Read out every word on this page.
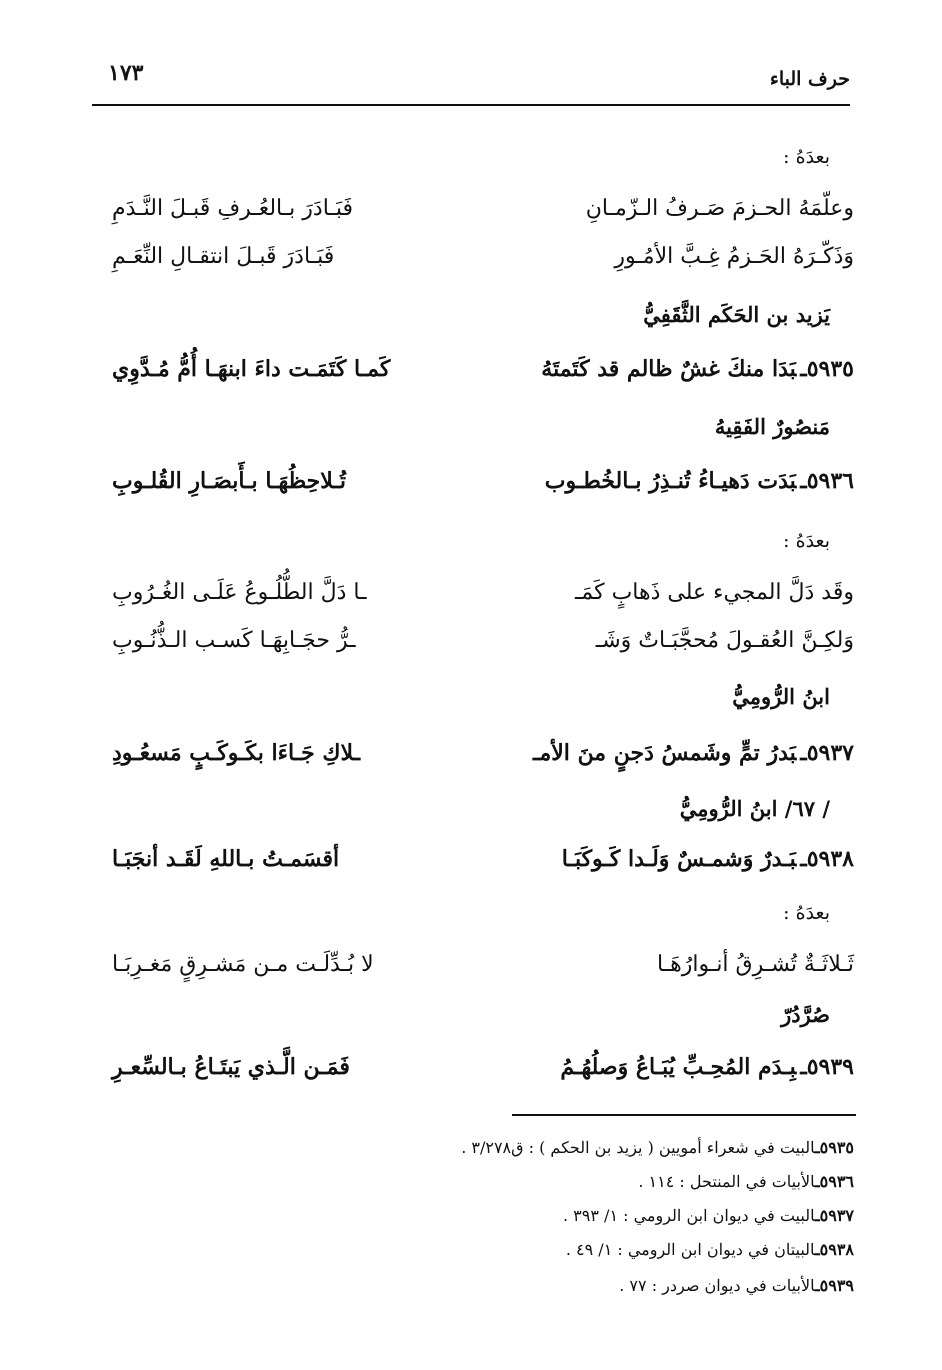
حرف الباء
١٧٣
بعدَهُ :
وعلّمَهُ الحـزمَ صَـرفُ الـزّمـانِ
فَبَـادَرَ بـالعُـرفِ قَبـلَ النَّـدَمِ
وَذَكّـرَهُ الحَـزمُ غِـبَّ الأمُـورِ
فَبَـادَرَ قَبـلَ انتقـالِ النِّعَـمِ
يَزيد بن الحَكَم الثَّقَفِيُّ
٥٩٣٥ـبَدَا منكَ غشٌ ظالم قد كَتَمتَهُ
كَمـا كَتَمَـت داءَ ابنهَـا أُمُّ مُـدَّوِي
مَنصُورٌ الفَقِيهُ
٥٩٣٦ـبَدَت دَهيـاءُ تُنـذِرُ بـالخُطـوب
تُـلاحِظُهَـا بـأَبصَـارِ القُلـوبِ
بعدَهُ :
وقَد دَلَّ المجيء على ذَهابٍ كَمَـ
ـا دَلَّ الطُّلُـوعُ عَلَـى الغُـرُوبِ
وَلكِـنَّ العُقـولَ مُحجَّبَـاتٌ وَشَـ
ـرُّ حجَـابِهَـا كَسـب الـذُّنُـوبِ
ابنُ الرُّومِيُّ
٥٩٣٧ـبَدرُ تمٍّ وشَمسُ دَجنٍ منَ الأمـ
ـلاكِ جَـاءَا بكَـوكَـبٍ مَسعُـودِ
/ ٦٧/ ابنُ الرُّومِيُّ
٥٩٣٨ـبَـدرٌ وَشمـسٌ وَلَـدا كَـوكَبَـا
أقسَمـتُ بـاللهِ لَقَـد أنجَبَـا
بعدَهُ :
ثَـلاثَـةٌ تُشـرِقُ أنـوارُهَـا
لا بُـدِّلَـت مـن مَشـرِقٍ مَغـرِبَـا
صُرَّدُرّ
٥٩٣٩ـبِـدَم المُحِـبِّ يُبَـاعُ وَصلُهُـمُ
فَمَـن الَّـذي يَبتَـاعُ بـالسِّعـرِ
٥٩٣٥ـالبيت في شعراء أمويين ( يزيد بن الحكم ) : ق٣/٢٧٨ .
٥٩٣٦ـالأبيات في المنتحل : ١١٤ .
٥٩٣٧ـالبيت في ديوان ابن الرومي : ١/ ٣٩٣ .
٥٩٣٨ـالبيتان في ديوان ابن الرومي : ١/ ٤٩ .
٥٩٣٩ـالأبيات في ديوان صردر : ٧٧ .
